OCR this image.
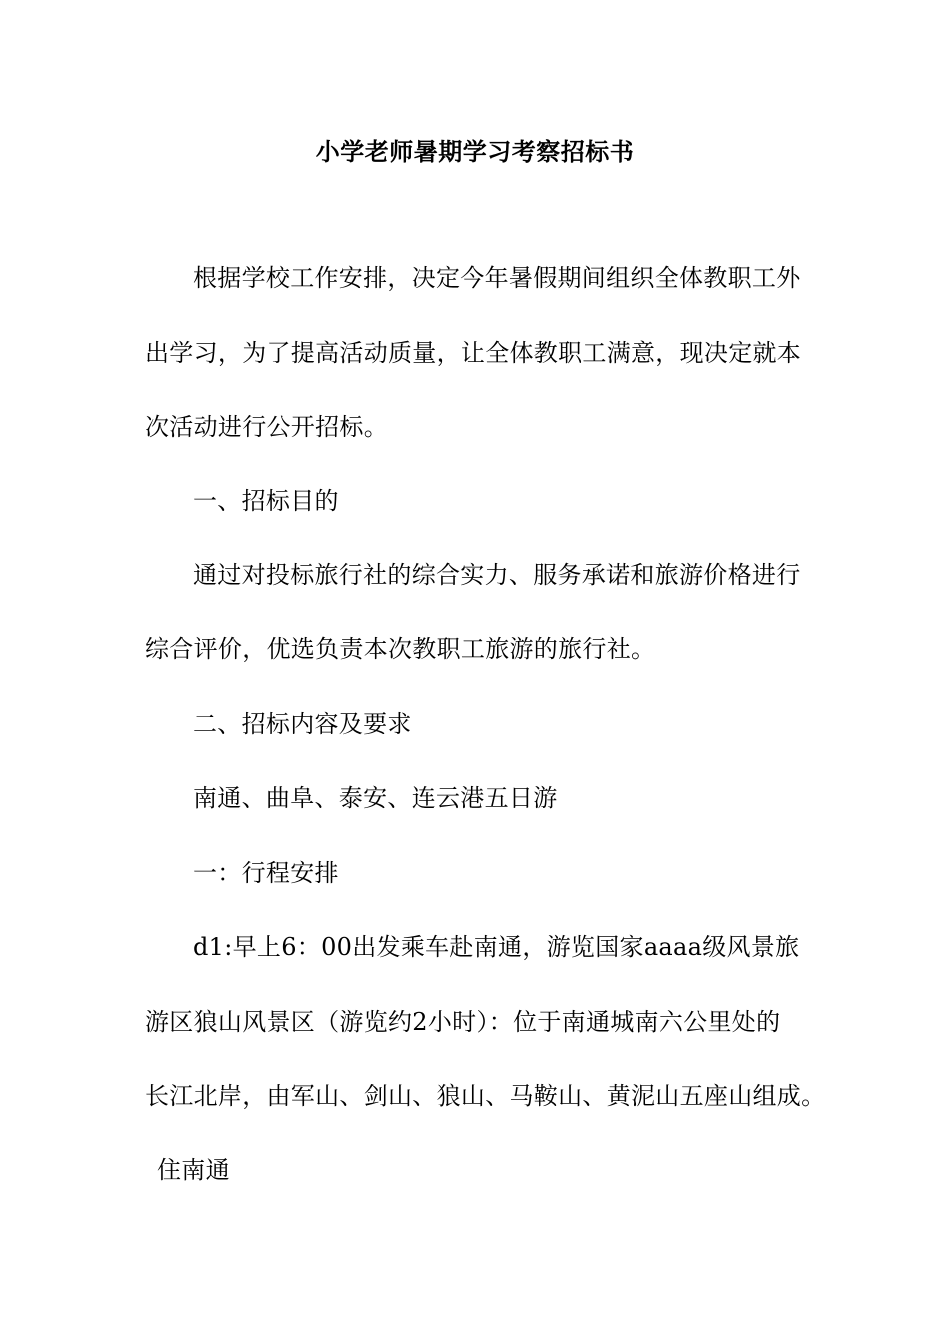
小学老师暑期学习考察招标书
根据学校工作安排，决定今年暑假期间组织全体教职工外
出学习，为了提高活动质量，让全体教职工满意，现决定就本
次活动进行公开招标。
一、招标目的
通过对投标旅行社的综合实力、服务承诺和旅游价格进行
综合评价，优选负责本次教职工旅游的旅行社。
二、招标内容及要求
南通、曲阜、泰安、连云港五日游
一：行程安排
d1:早上6：00出发乘车赴南通，游览国家aaaa级风景旅
游区狼山风景区（游览约2小时）：位于南通城南六公里处的
长江北岸，由军山、剑山、狼山、马鞍山、黄泥山五座山组成。
住南通
